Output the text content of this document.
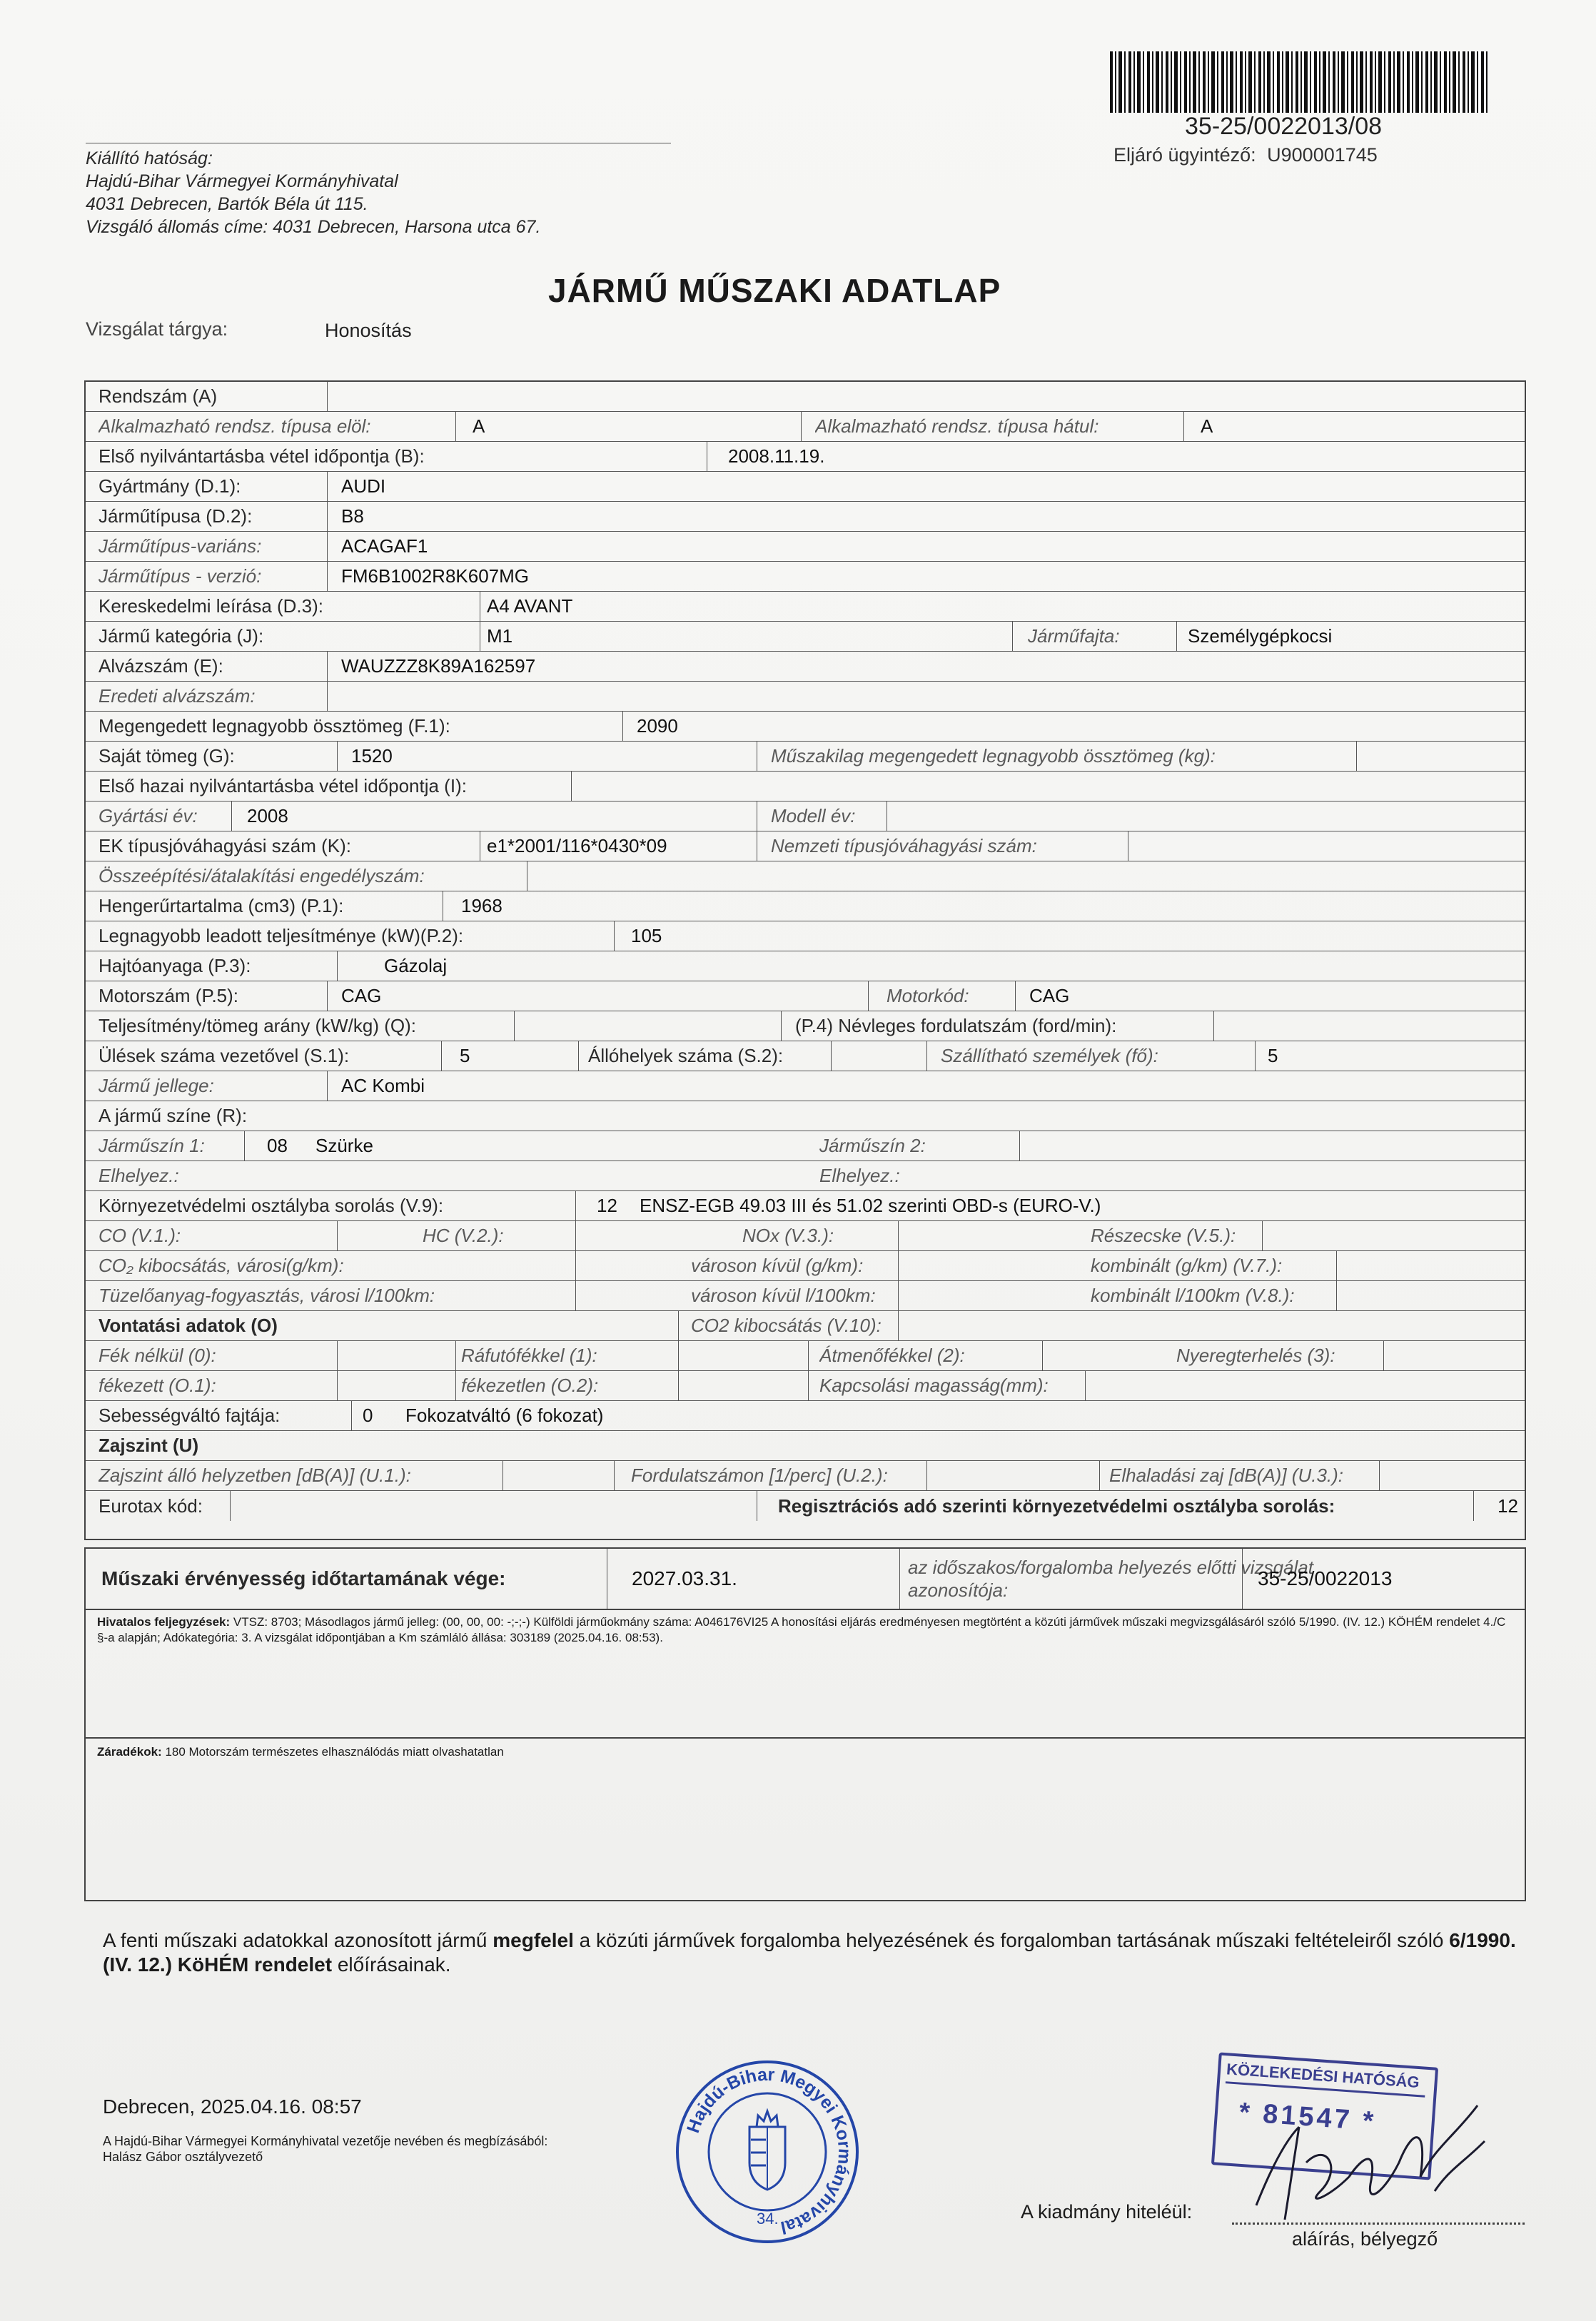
35-25/0022013/08
Eljáró ügyintéző: U900001745
Kiállító hatóság:
Hajdú-Bihar Vármegyei Kormányhivatal
4031 Debrecen, Bartók Béla út 115.
Vizsgáló állomás címe: 4031 Debrecen, Harsona utca 67.
JÁRMŰ MŰSZAKI ADATLAP
Vizsgálat tárgya:	Honosítás
Rendszám (A)
Alkalmazható rendsz. típusa elöl:	A	Alkalmazható rendsz. típusa hátul:	A
Első nyilvántartásba vétel időpontja (B):	2008.11.19.
Gyártmány (D.1):	AUDI
Járműtípusa (D.2):	B8
Járműtípus-variáns:	ACAGAF1
Járműtípus - verzió:	FM6B1002R8K607MG
Kereskedelmi leírása (D.3):	A4 AVANT
Jármű kategória (J):	M1	Járműfajta:	Személygépkocsi
Alvázszám (E):	WAUZZZ8K89A162597
Eredeti alvázszám:
Megengedett legnagyobb össztömeg (F.1):	2090
Saját tömeg (G):	1520	Műszakilag megengedett legnagyobb össztömeg (kg):
Első hazai nyilvántartásba vétel időpontja (I):
Gyártási év:	2008	Modell év:
EK típusjóváhagyási szám (K):	e1*2001/116*0430*09	Nemzeti típusjóváhagyási szám:
Összeépítési/átalakítási engedélyszám:
Hengerűrtartalma (cm3) (P.1):	1968
Legnagyobb leadott teljesítménye (kW)(P.2):	105
Hajtóanyaga (P.3):	Gázolaj
Motorszám (P.5):	CAG	Motorkód:	CAG
Teljesítmény/tömeg arány (kW/kg) (Q):	(P.4) Névleges fordulatszám (ford/min):
Ülések száma vezetővel (S.1):	5	Állóhelyek száma (S.2):	Szállítható személyek (fő):	5
Jármű jellege:	AC Kombi
A jármű színe (R):
Járműszín 1:	08 Szürke	Járműszín 2:
Elhelyez.:	Elhelyez.:
Környezetvédelmi osztályba sorolás (V.9):	12 ENSZ-EGB 49.03 III és 51.02 szerinti OBD-s (EURO-V.)
CO (V.1.):	HC (V.2.):	NOx (V.3.):	Részecske (V.5.):
CO₂ kibocsátás, városi(g/km):	városon kívül (g/km):	kombinált (g/km) (V.7.):
Tüzelőanyag-fogyasztás, városi l/100km:	városon kívül l/100km:	kombinált l/100km (V.8.):
Vontatási adatok (O)	CO2 kibocsátás (V.10):
Fék nélkül (0):	Ráfutófékkel (1):	Átmenőfékkel (2):	Nyeregterhelés (3):
fékezett (O.1):	fékezetlen (O.2):	Kapcsolási magasság(mm):
Sebességváltó fajtája:	0 Fokozatváltó (6 fokozat)
Zajszint (U)
Zajszint álló helyzetben [dB(A)] (U.1.):	Fordulatszámon [1/perc] (U.2.):	Elhaladási zaj [dB(A)] (U.3.):
Eurotax kód:	Regisztrációs adó szerinti környezetvédelmi osztályba sorolás:	12
Műszaki érvényesség időtartamának vége:	2027.03.31.	az időszakos/forgalomba helyezés előtti vizsgálat azonosítója:
35-25/0022013
Hivatalos feljegyzések: VTSZ: 8703; Másodlagos jármű jelleg: (00, 00, 00: -;-;-) Külföldi járműokmány száma: A046176VI25 A honosítási eljárás eredményesen megtörtént a közúti járművek műszaki megvizsgálásáról szóló 5/1990. (IV. 12.) KÖHÉM rendelet 4./C §-a alapján; Adókategória: 3. A vizsgálat időpontjában a Km számláló állása: 303189 (2025.04.16. 08:53).
Záradékok: 180 Motorszám természetes elhasználódás miatt olvashatatlan
A fenti műszaki adatokkal azonosított jármű megfelel a közúti járművek forgalomba helyezésének és forgalomban tartásának műszaki feltételeiről szóló 6/1990. (IV. 12.) KöHÉM rendelet előírásainak.
Debrecen, 2025.04.16. 08:57
A Hajdú-Bihar Vármegyei Kormányhivatal vezetője nevében és megbízásából:
Halász Gábor osztályvezető
Hajdú-Bihar Megyei Kormányhivatal
34.
KÖZLEKEDÉSI HATÓSÁG
* 81547 *
A kiadmány hiteléül:
aláírás, bélyegző
